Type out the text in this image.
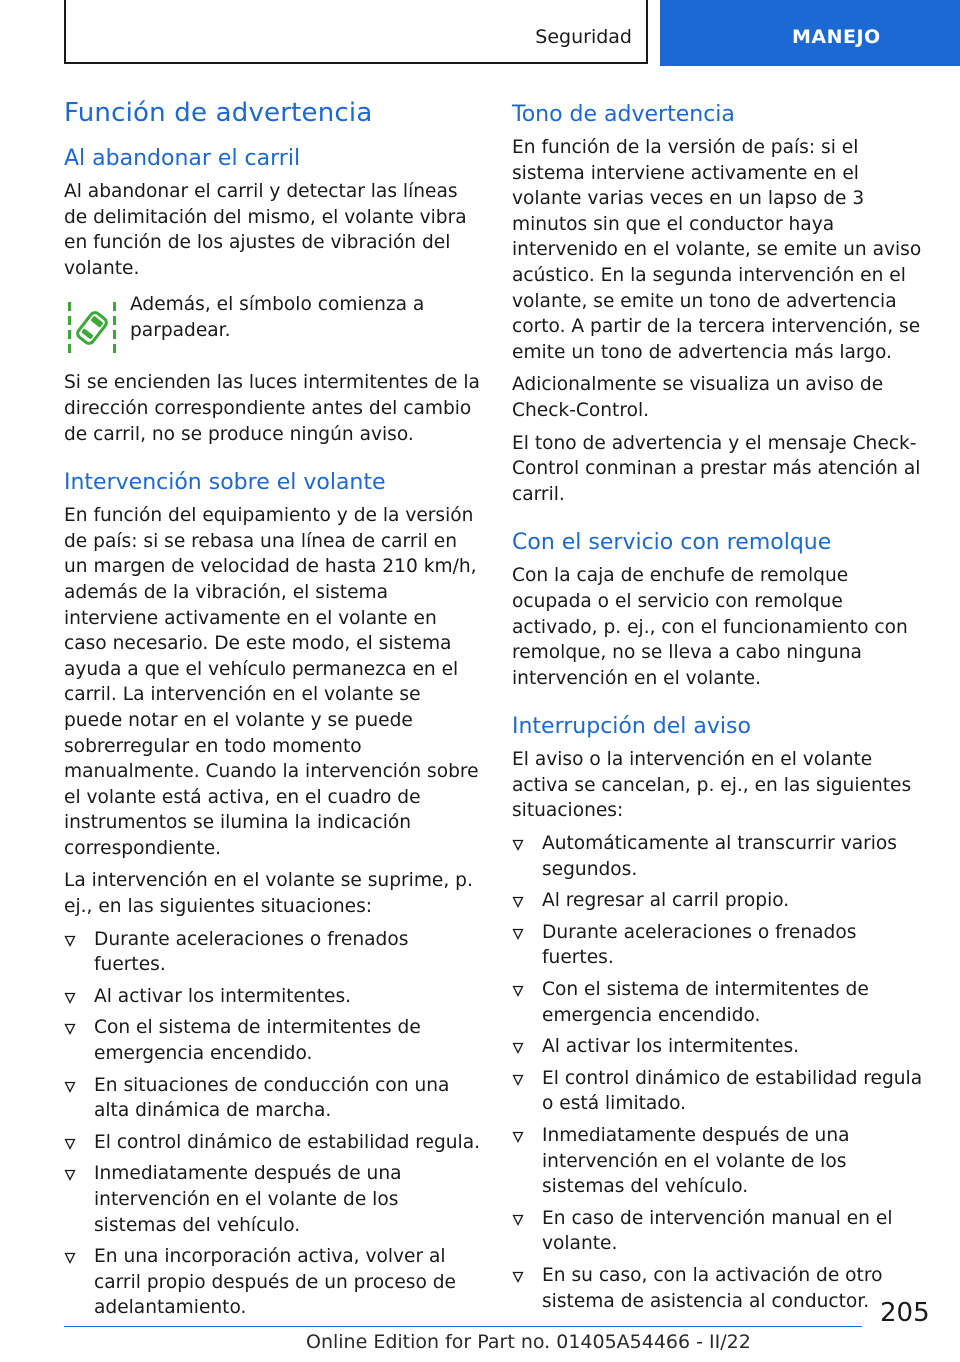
Seguridad	MANEJO
Función de advertencia
Al abandonar el carril

Al abandonar el carril y detectar las líneas de delimitación del mismo, el volante vibra en función de los ajustes de vibración del volante.

Además, el símbolo comienza a parpadear.

Si se encienden las luces intermitentes de la dirección correspondiente antes del cambio de carril, no se produce ningún aviso.

Intervención sobre el volante

En función del equipamiento y de la versión de país: si se rebasa una línea de carril en un margen de velocidad de hasta 210 km/h, además de la vibración, el sistema interviene activamente en el volante en caso necesario. De este modo, el sistema ayuda a que el vehículo permanezca en el carril. La intervención en el volante se puede notar en el volante y se puede sobrerregular en todo momento manualmente. Cuando la intervención sobre el volante está activa, en el cuadro de instrumentos se ilumina la indicación correspondiente.

La intervención en el volante se suprime, p. ej., en las siguientes situaciones:

Durante aceleraciones o frenados fuertes.
Al activar los intermitentes.
Con el sistema de intermitentes de emergencia encendido.
En situaciones de conducción con una alta dinámica de marcha.
El control dinámico de estabilidad regula.
Inmediatamente después de una intervención en el volante de los sistemas del vehículo.
En una incorporación activa, volver al carril propio después de un proceso de adelantamiento.
Tono de advertencia

En función de la versión de país: si el sistema interviene activamente en el volante varias veces en un lapso de 3 minutos sin que el conductor haya intervenido en el volante, se emite un aviso acústico. En la segunda intervención en el volante, se emite un tono de advertencia corto. A partir de la tercera intervención, se emite un tono de advertencia más largo.

Adicionalmente se visualiza un aviso de Check-Control.

El tono de advertencia y el mensaje Check-Control conminan a prestar más atención al carril.

Con el servicio con remolque

Con la caja de enchufe de remolque ocupada o el servicio con remolque activado, p. ej., con el funcionamiento con remolque, no se lleva a cabo ninguna intervención en el volante.

Interrupción del aviso

El aviso o la intervención en el volante activa se cancelan, p. ej., en las siguientes situaciones:

Automáticamente al transcurrir varios segundos.
Al regresar al carril propio.
Durante aceleraciones o frenados fuertes.
Con el sistema de intermitentes de emergencia encendido.
Al activar los intermitentes.
El control dinámico de estabilidad regula o está limitado.
Inmediatamente después de una intervención en el volante de los sistemas del vehículo.
En caso de intervención manual en el volante.
En su caso, con la activación de otro sistema de asistencia al conductor. 205
Online Edition for Part no. 01405A54466 - II/22
